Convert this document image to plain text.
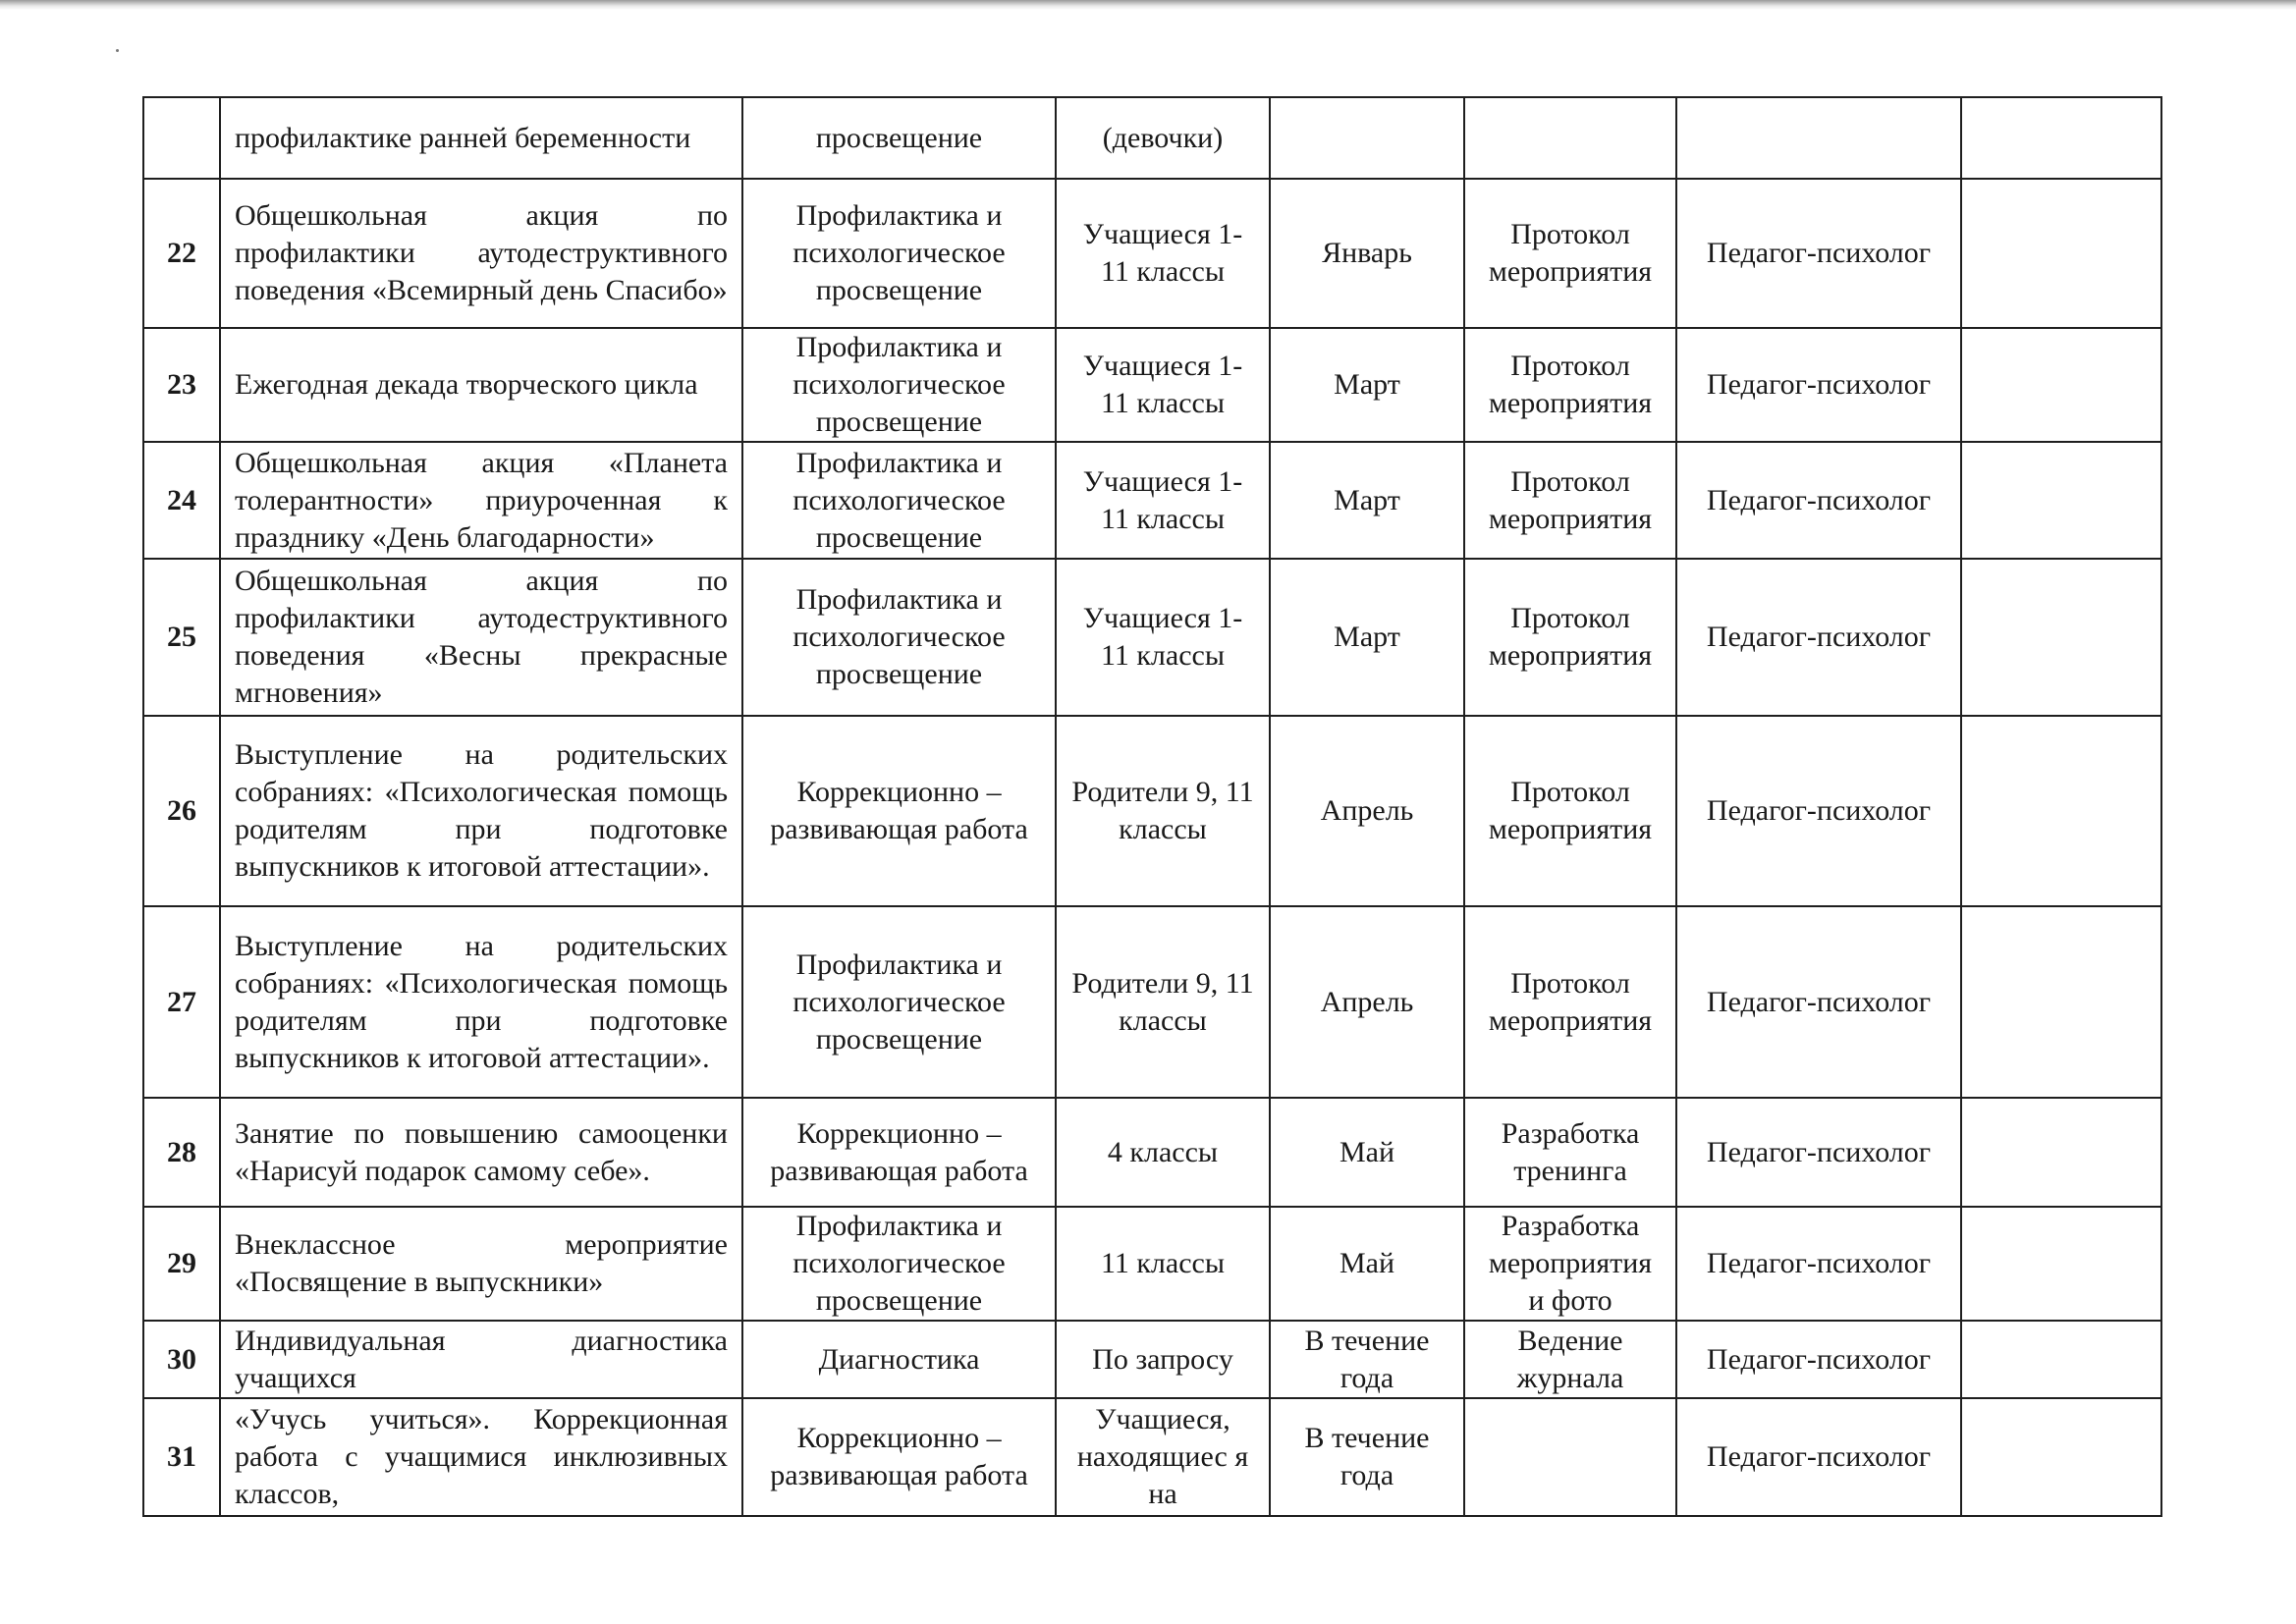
	профилактике ранней беременности	просвещение	(девочки)				
22	Общешкольная акция по профилактики аутодеструктивного поведения «Всемирный день Спасибо»	Профилактика и психологическое просвещение	Учащиеся 1-11 классы	Январь	Протокол мероприятия	Педагог-психолог	
23	Ежегодная декада творческого цикла	Профилактика и психологическое просвещение	Учащиеся 1-11 классы	Март	Протокол мероприятия	Педагог-психолог	
24	Общешкольная акция «Планета толерантности» приуроченная к празднику «День благодарности»	Профилактика и психологическое просвещение	Учащиеся 1-11 классы	Март	Протокол мероприятия	Педагог-психолог	
25	Общешкольная акция по профилактики аутодеструктивного поведения «Весны прекрасные мгновения»	Профилактика и психологическое просвещение	Учащиеся 1-11 классы	Март	Протокол мероприятия	Педагог-психолог	
26	Выступление на родительских собраниях: «Психологическая помощь родителям при подготовке выпускников к итоговой аттестации».	Коррекционно – развивающая работа	Родители 9, 11 классы	Апрель	Протокол мероприятия	Педагог-психолог	
27	Выступление на родительских собраниях: «Психологическая помощь родителям при подготовке выпускников к итоговой аттестации».	Профилактика и психологическое просвещение	Родители 9, 11 классы	Апрель	Протокол мероприятия	Педагог-психолог	
28	Занятие по повышению самооценки «Нарисуй подарок самому себе».	Коррекционно – развивающая работа	4 классы	Май	Разработка тренинга	Педагог-психолог	
29	Внеклассное мероприятие «Посвящение в выпускники»	Профилактика и психологическое просвещение	11 классы	Май	Разработка мероприятия и фото	Педагог-психолог	
30	Индивидуальная диагностика учащихся	Диагностика	По запросу	В течение года	Ведение журнала	Педагог-психолог	
31	«Учусь учиться». Коррекционная работа с учащимися инклюзивных классов,	Коррекционно – развивающая работа	Учащиеся, находящиес я на	В течение года		Педагог-психолог	
